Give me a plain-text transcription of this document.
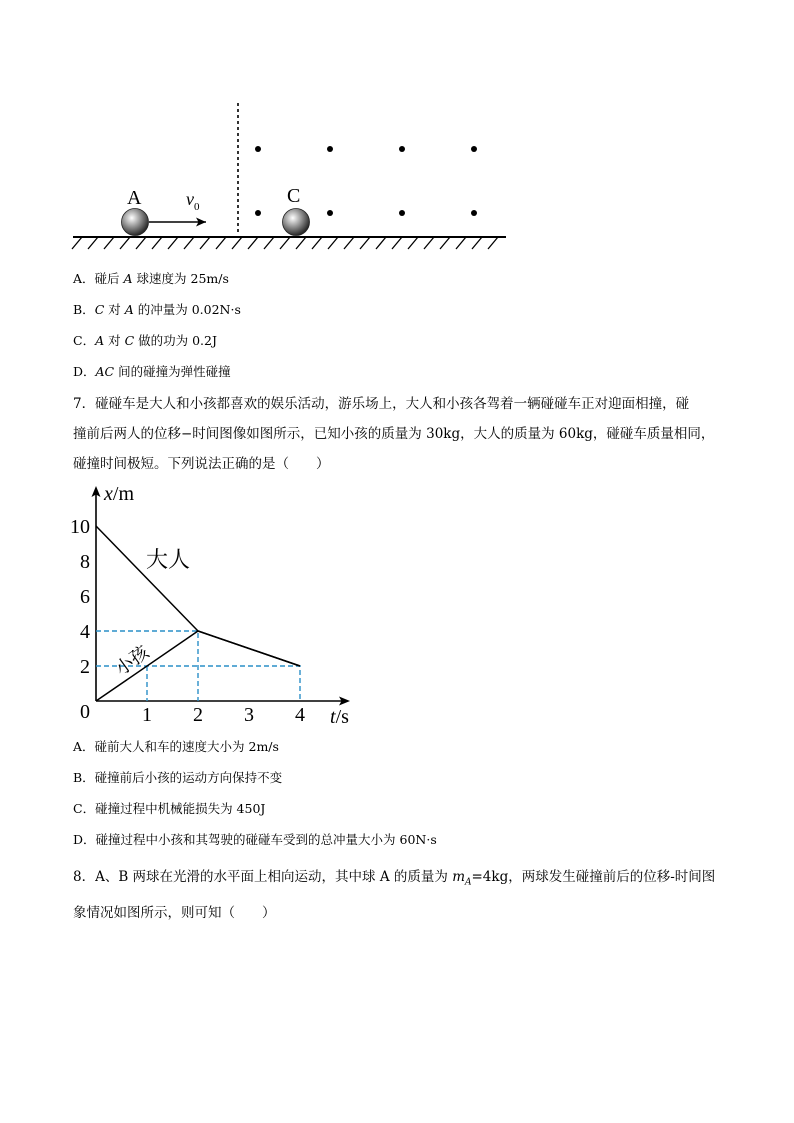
A $v_0$	C
A．碰后 A 球速度为 25m/s
B．C 对 A 的冲量为 0.02N·s
C．A 对 C 做的功为 0.2J
D．AC 间的碰撞为弹性碰撞
7．碰碰车是大人和小孩都喜欢的娱乐活动，游乐场上，大人和小孩各驾着一辆碰碰车正对迎面相撞，碰
撞前后两人的位移−时间图像如图所示，已知小孩的质量为 30kg，大人的质量为 60kg，碰碰车质量相同，
碰撞时间极短。下列说法正确的是（　　）
x/m
t/s
0	1 2 3 4
2
4
6
8
10
大人
小孩
A．碰前大人和车的速度大小为 2m/s
B．碰撞前后小孩的运动方向保持不变
C．碰撞过程中机械能损失为 450J
D．碰撞过程中小孩和其驾驶的碰碰车受到的总冲量大小为 60N·s
8．A、B 两球在光滑的水平面上相向运动，其中球 A 的质量为 $m_A=4kg$，两球发生碰撞前后的位移-时间图
象情况如图所示，则可知（　　）
